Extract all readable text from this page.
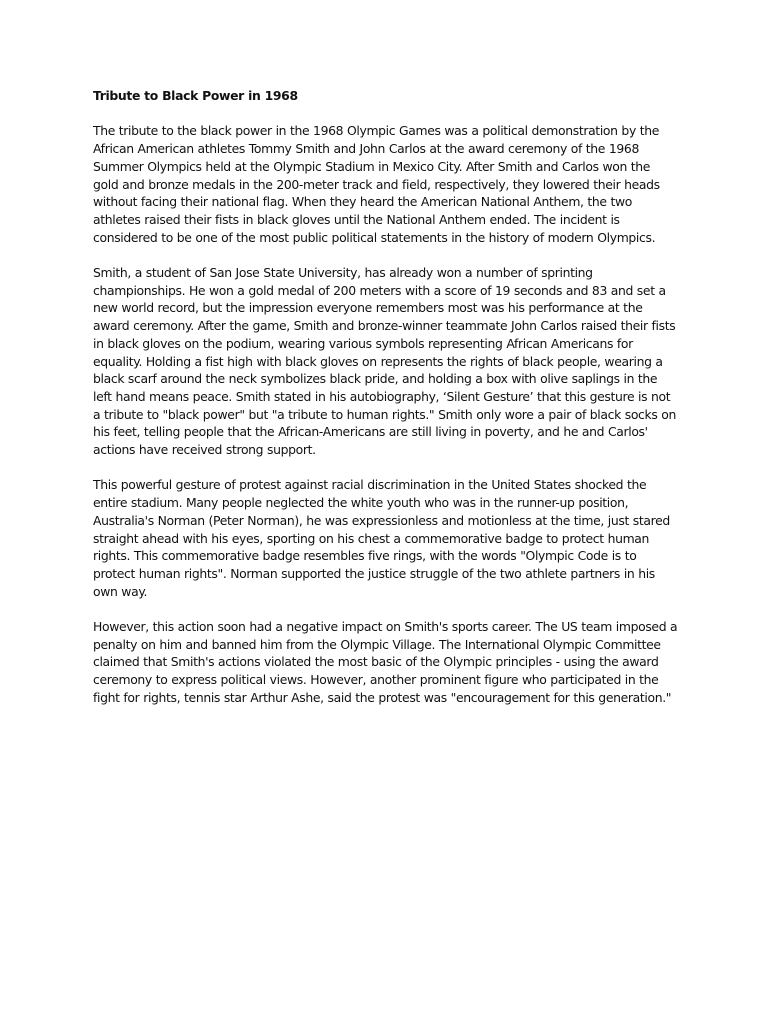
Tribute to Black Power in 1968

The tribute to the black power in the 1968 Olympic Games was a political demonstration by the African American athletes Tommy Smith and John Carlos at the award ceremony of the 1968 Summer Olympics held at the Olympic Stadium in Mexico City. After Smith and Carlos won the gold and bronze medals in the 200-meter track and field, respectively, they lowered their heads without facing their national flag. When they heard the American National Anthem, the two athletes raised their fists in black gloves until the National Anthem ended. The incident is considered to be one of the most public political statements in the history of modern Olympics.

Smith, a student of San Jose State University, has already won a number of sprinting championships. He won a gold medal of 200 meters with a score of 19 seconds and 83 and set a new world record, but the impression everyone remembers most was his performance at the award ceremony. After the game, Smith and bronze-winner teammate John Carlos raised their fists in black gloves on the podium, wearing various symbols representing African Americans for equality. Holding a fist high with black gloves on represents the rights of black people, wearing a black scarf around the neck symbolizes black pride, and holding a box with olive saplings in the left hand means peace. Smith stated in his autobiography, ‘Silent Gesture’ that this gesture is not a tribute to "black power" but "a tribute to human rights." Smith only wore a pair of black socks on his feet, telling people that the African-Americans are still living in poverty, and he and Carlos' actions have received strong support.

This powerful gesture of protest against racial discrimination in the United States shocked the entire stadium. Many people neglected the white youth who was in the runner-up position, Australia's Norman (Peter Norman), he was expressionless and motionless at the time, just stared straight ahead with his eyes, sporting on his chest a commemorative badge to protect human rights. This commemorative badge resembles five rings, with the words "Olympic Code is to protect human rights". Norman supported the justice struggle of the two athlete partners in his own way.

However, this action soon had a negative impact on Smith's sports career. The US team imposed a penalty on him and banned him from the Olympic Village. The International Olympic Committee claimed that Smith's actions violated the most basic of the Olympic principles - using the award ceremony to express political views. However, another prominent figure who participated in the fight for rights, tennis star Arthur Ashe, said the protest was "encouragement for this generation."
